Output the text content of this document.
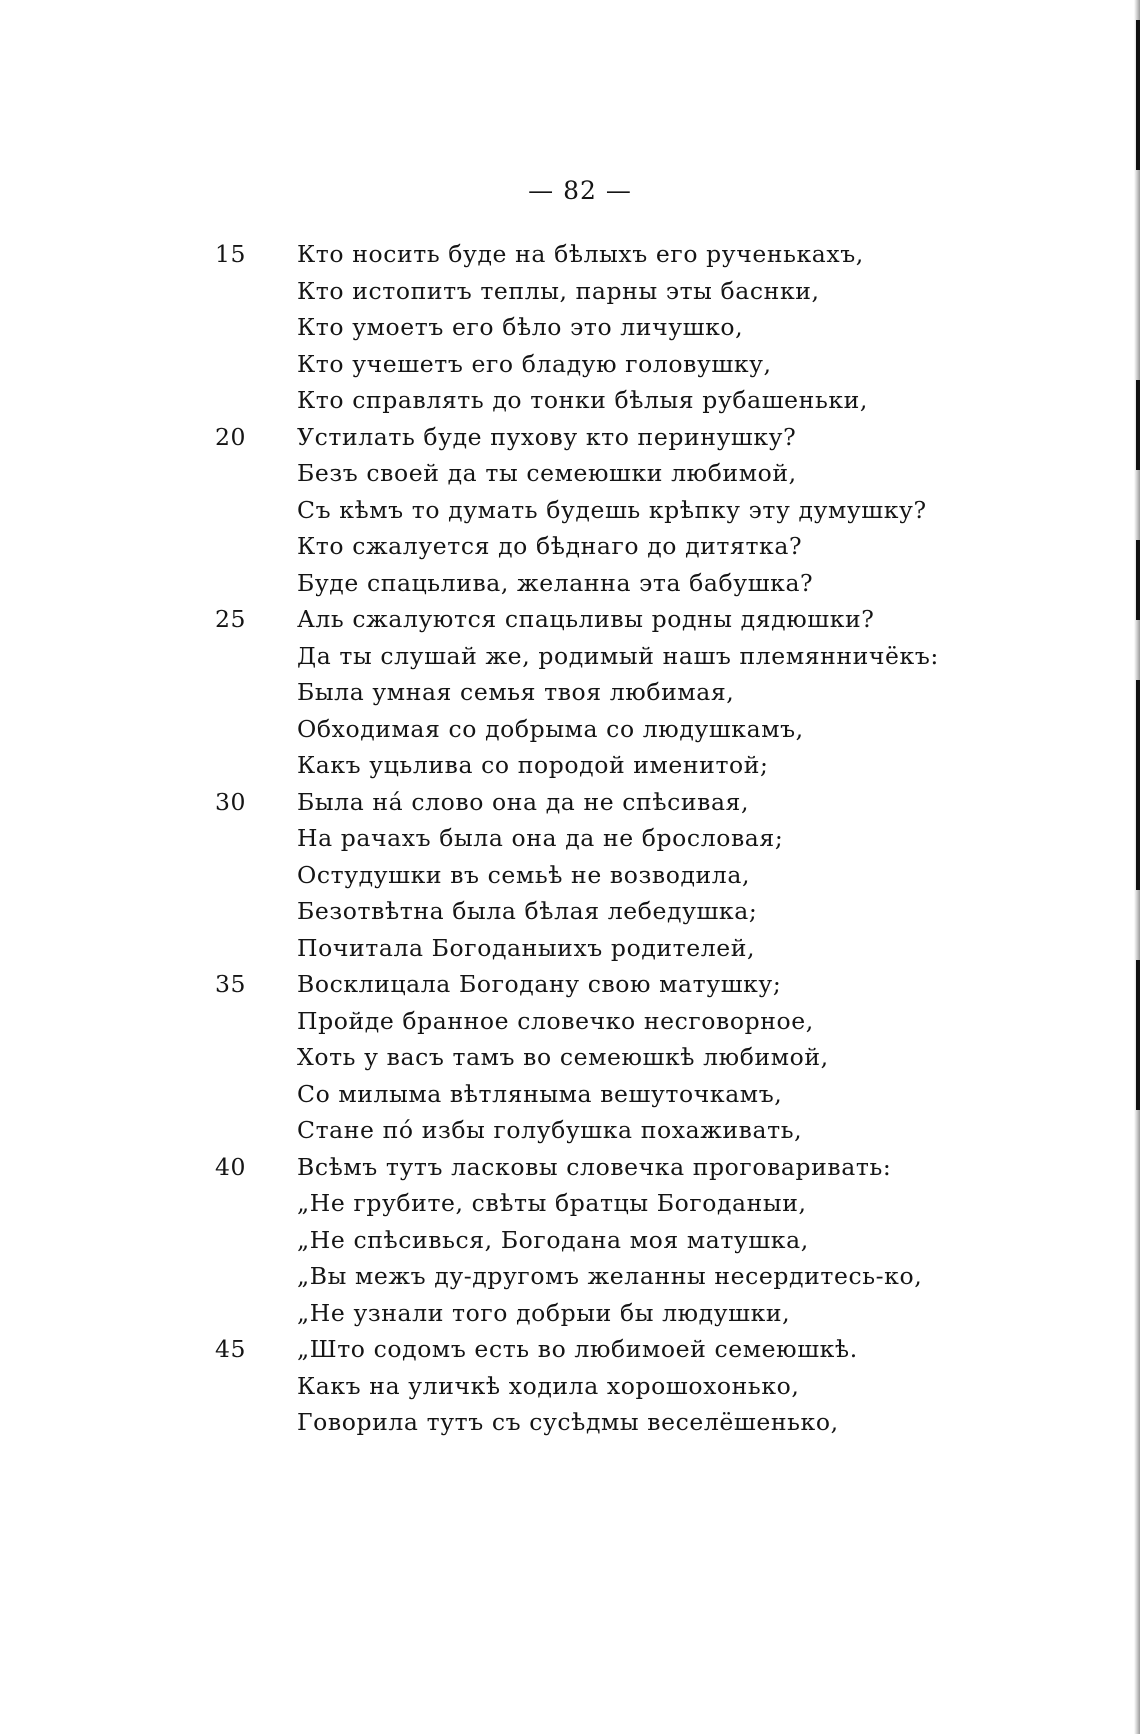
— 82 —
15 Кто носить буде на бѣлыхъ его рученькахъ,
Кто истопитъ теплы, парны эты баснки,
Кто умоетъ его бѣло это личушко,
Кто учешетъ его бладую головушку,
Кто справлять до тонки бѣлыя рубашеньки,
20 Устилать буде пухову кто перинушку?
Безъ своей да ты семеюшки любимой,
Съ кѣмъ то думать будешь крѣпку эту думушку?
Кто сжалуется до бѣднаго до дитятка?
Буде спацьлива, желанна эта бабушка?
25 Аль сжалуются спацьливы родны дядюшки?
Да ты слушай же, родимый нашъ племянничёкъ:
Была умная семья твоя любимая,
Обходимая со добрыма со людушкамъ,
Какъ уцьлива со породой именитой;
30 Была нá слово она да не спѣсивая,
На рачахъ была она да не брословая;
Остудушки въ семьѣ не возводила,
Безотвѣтна была бѣлая лебедушка;
Почитала Богоданыихъ родителей,
35 Восклицала Богодану свою матушку;
Пройде бранное словечко несговорное,
Хоть у васъ тамъ во семеюшкѣ любимой,
Со милыма вѣтляныма вешуточкамъ,
Стане пó избы голубушка похаживать,
40 Всѣмъ тутъ ласковы словечка проговаривать:
„Не грубите, свѣты братцы Богоданыи,
„Не спѣсивься, Богодана моя матушка,
„Вы межъ ду-другомъ желанны несердитесь-ко,
„Не узнали того добрыи бы людушки,
45 „Што содомъ есть во любимоей семеюшкѣ.
Какъ на уличкѣ ходила хорошохонько,
Говорила тутъ съ сусѣдмы веселёшенько,
